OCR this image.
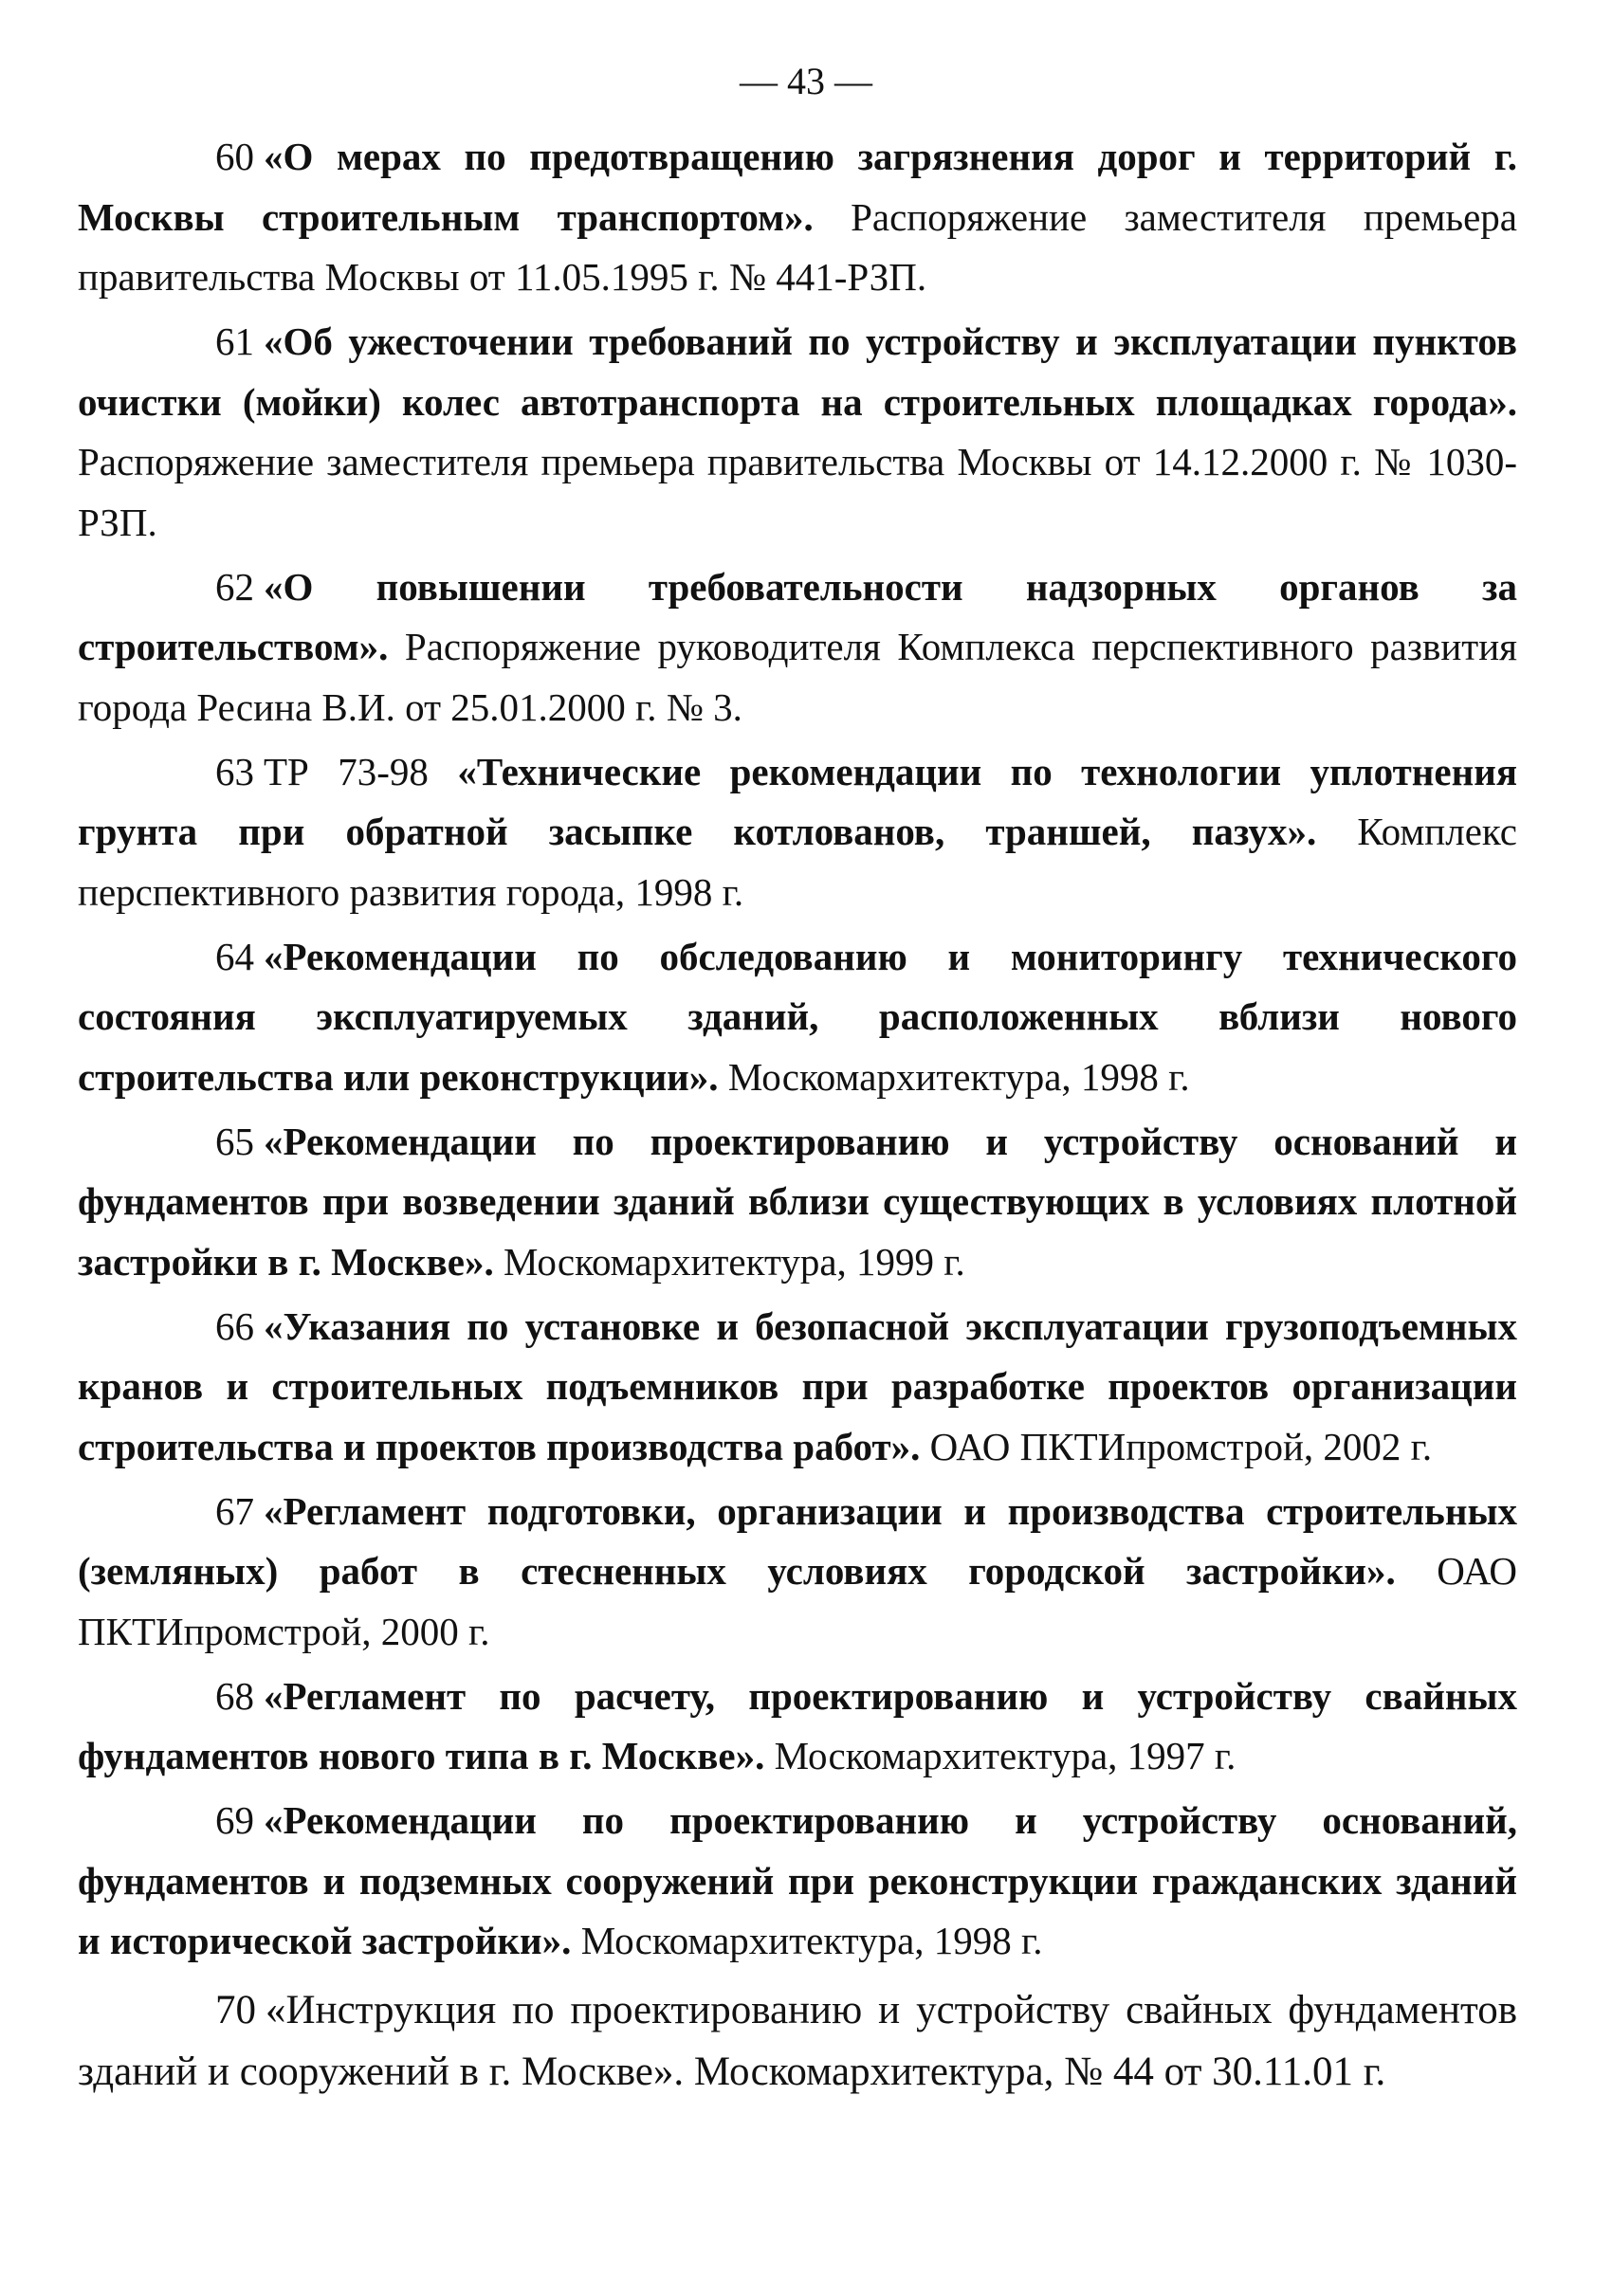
— 43 —

60 «О мерах по предотвращению загрязнения дорог и территорий г. Москвы строительным транспортом». Распоряжение заместителя премьера правительства Москвы от 11.05.1995 г. № 441-РЗП.

61 «Об ужесточении требований по устройству и эксплуатации пунктов очистки (мойки) колес автотранспорта на строительных площадках города». Распоряжение заместителя премьера правительства Москвы от 14.12.2000 г. № 1030-РЗП.

62 «О повышении требовательности надзорных органов за строительством». Распоряжение руководителя Комплекса перспективного развития города Ресина В.И. от 25.01.2000 г. № 3.

63 ТР 73-98 «Технические рекомендации по технологии уплотнения грунта при обратной засыпке котлованов, траншей, пазух». Комплекс перспективного развития города, 1998 г.

64 «Рекомендации по обследованию и мониторингу технического состояния эксплуатируемых зданий, расположенных вблизи нового строительства или реконструкции». Москомархитектура, 1998 г.

65 «Рекомендации по проектированию и устройству оснований и фундаментов при возведении зданий вблизи существующих в условиях плотной застройки в г. Москве». Москомархитектура, 1999 г.

66 «Указания по установке и безопасной эксплуатации грузоподъемных кранов и строительных подъемников при разработке проектов организации строительства и проектов производства работ». ОАО ПКТИпромстрой, 2002 г.

67 «Регламент подготовки, организации и производства строительных (земляных) работ в стесненных условиях городской застройки». ОАО ПКТИпромстрой, 2000 г.

68 «Регламент по расчету, проектированию и устройству свайных фундаментов нового типа в г. Москве». Москомархитектура, 1997 г.

69 «Рекомендации по проектированию и устройству оснований, фундаментов и подземных сооружений при реконструкции гражданских зданий и исторической застройки». Москомархитектура, 1998 г.

70 «Инструкция по проектированию и устройству свайных фундаментов зданий и сооружений в г. Москве». Москомархитектура, № 44 от 30.11.01 г.
